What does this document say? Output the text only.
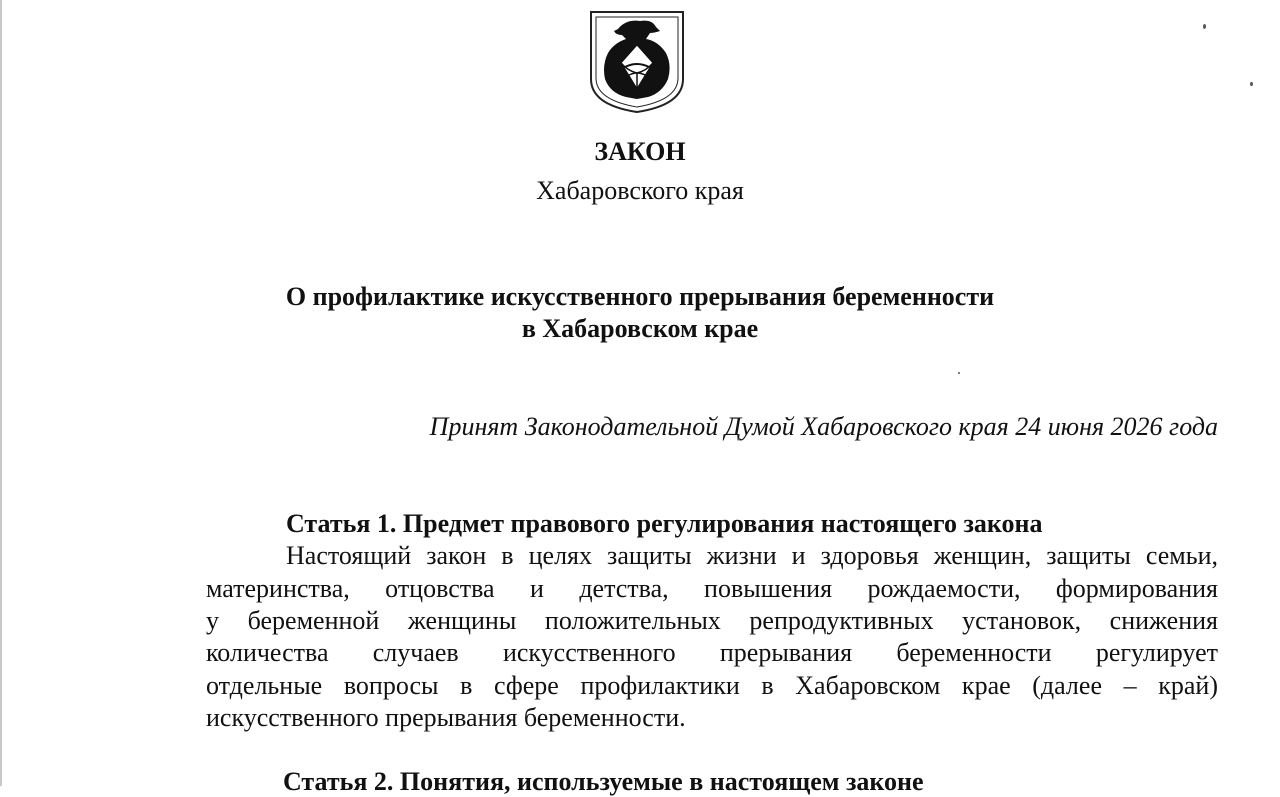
ЗАКОН
Хабаровского края
О профилактике искусственного прерывания беременности
в Хабаровском крае
Принят Законодательной Думой Хабаровского края 24 июня 2026 года
Статья 1. Предмет правового регулирования настоящего закона
Настоящий закон в целях защиты жизни и здоровья женщин, защиты семьи,
материнства, отцовства и детства, повышения рождаемости, формирования
у беременной женщины положительных репродуктивных установок, снижения
количества случаев искусственного прерывания беременности регулирует
отдельные вопросы в сфере профилактики в Хабаровском крае (далее – край)
искусственного прерывания беременности.
Статья 2. Понятия, используемые в настоящем законе
